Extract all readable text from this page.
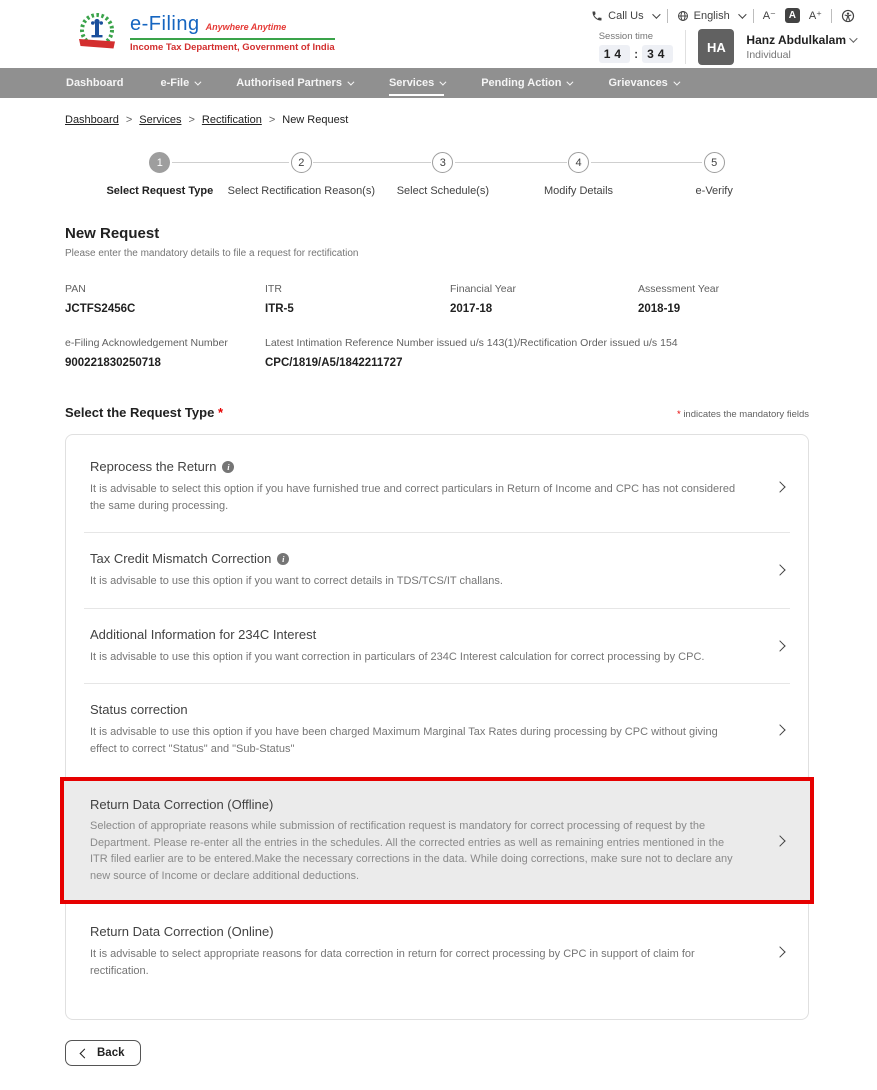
e-Filing Anywhere Anytime
Income Tax Department, Government of India
Call Us	English	A⁻	A	A⁺
Session time
14 : 34	HA	Hanz Abdulkalam
Individual
Dashboard	e-File	Authorised Partners	Services	Pending Action	Grievances
Dashboard > Services > Rectification > New Request
1
Select Request Type
2
Select Rectification Reason(s)
3
Select Schedule(s)
4
Modify Details
5
e-Verify
New Request
Please enter the mandatory details to file a request for rectification
PAN
JCTFS2456C
ITR
ITR-5
Financial Year
2017-18
Assessment Year
2018-19
e-Filing Acknowledgement Number
900221830250718
Latest Intimation Reference Number issued u/s 143(1)/Rectification Order issued u/s 154
CPC/1819/A5/1842211727
Select the Request Type *	* indicates the mandatory fields
Reprocess the Return	i
It is advisable to select this option if you have furnished true and correct particulars in Return of Income and CPC has not considered the same during processing.
Tax Credit Mismatch Correction	i
It is advisable to use this option if you want to correct details in TDS/TCS/IT challans.
Additional Information for 234C Interest
It is advisable to use this option if you want correction in particulars of 234C Interest calculation for correct processing by CPC.
Status correction
It is advisable to use this option if you have been charged Maximum Marginal Tax Rates during processing by CPC without giving effect to correct "Status" and "Sub-Status"
Return Data Correction (Offline)
Selection of appropriate reasons while submission of rectification request is mandatory for correct processing of request by the Department. Please re-enter all the entries in the schedules. All the corrected entries as well as remaining entries mentioned in the ITR filed earlier are to be entered.Make the necessary corrections in the data. While doing corrections, make sure not to declare any new source of Income or declare additional deductions.
Return Data Correction (Online)
It is advisable to select appropriate reasons for data correction in return for correct processing by CPC in support of claim for rectification.
Back
